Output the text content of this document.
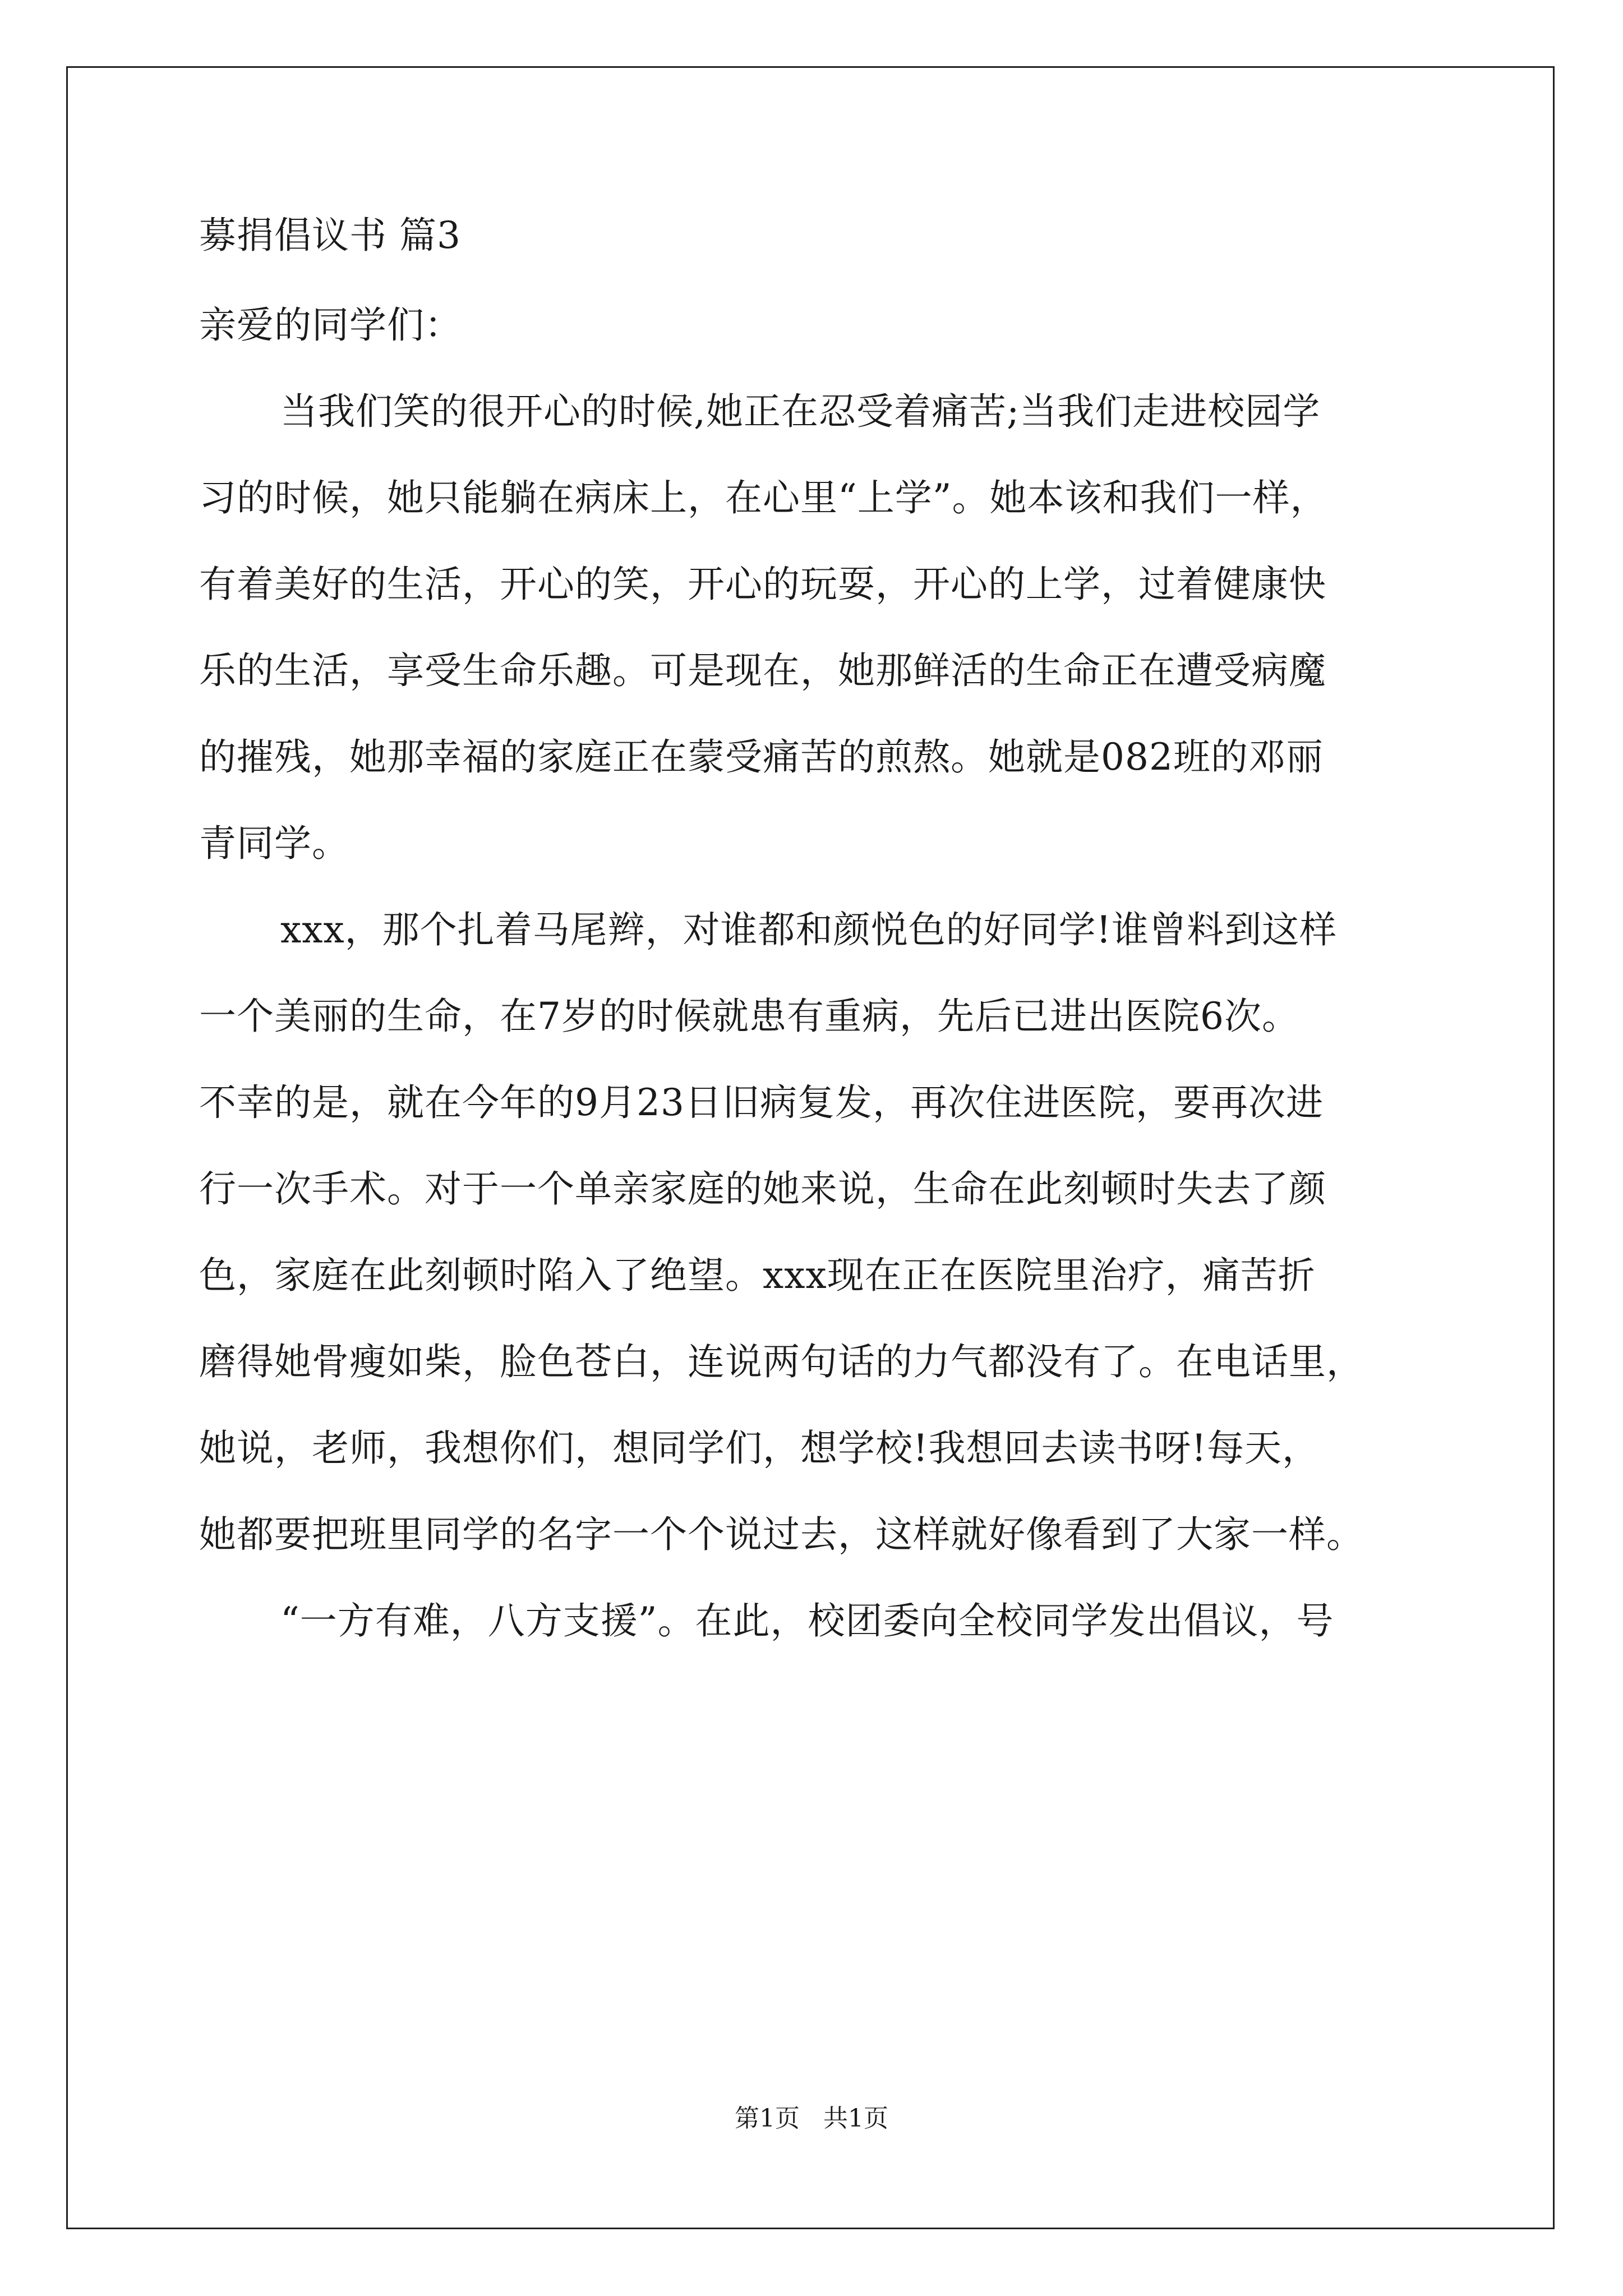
募捐倡议书 篇3

亲爱的同学们：

当我们笑的很开心的时候,她正在忍受着痛苦;当我们走进校园学

习的时候，她只能躺在病床上，在心里“上学”。她本该和我们一样，

有着美好的生活，开心的笑，开心的玩耍，开心的上学，过着健康快

乐的生活，享受生命乐趣。可是现在，她那鲜活的生命正在遭受病魔

的摧残，她那幸福的家庭正在蒙受痛苦的煎熬。她就是082班的邓丽

青同学。

xxx，那个扎着马尾辫，对谁都和颜悦色的好同学!谁曾料到这样

一个美丽的生命，在7岁的时候就患有重病，先后已进出医院6次。

不幸的是，就在今年的9月23日旧病复发，再次住进医院，要再次进

行一次手术。对于一个单亲家庭的她来说，生命在此刻顿时失去了颜

色，家庭在此刻顿时陷入了绝望。xxx现在正在医院里治疗，痛苦折

磨得她骨瘦如柴，脸色苍白，连说两句话的力气都没有了。在电话里，

她说，老师，我想你们，想同学们，想学校!我想回去读书呀!每天，

她都要把班里同学的名字一个个说过去，这样就好像看到了大家一样。

“一方有难，八方支援”。在此，校团委向全校同学发出倡议，号

第1页 共1页
